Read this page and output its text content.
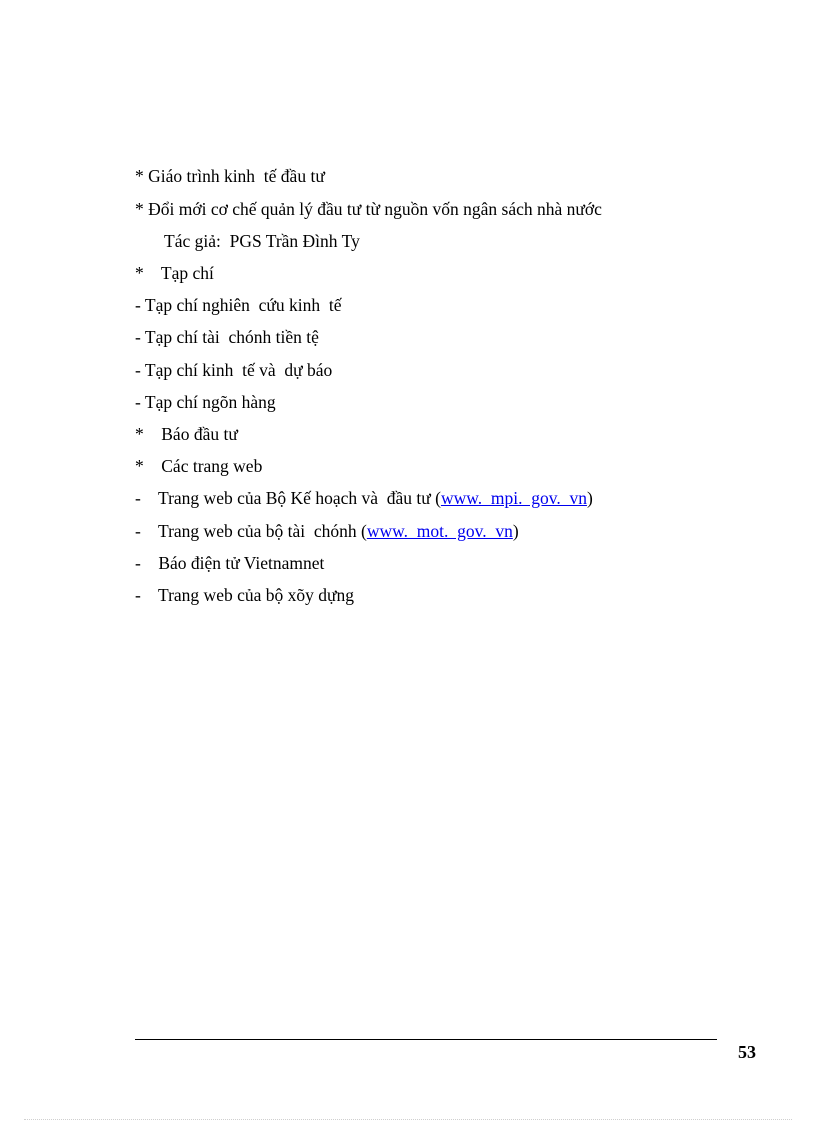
* Giáo trình kinh  tế đầu tư
* Đổi mới cơ chế quản lý đầu tư từ nguồn vốn ngân sách nhà nước
Tác giả:  PGS Trần Đình Ty
*    Tạp chí
- Tạp chí nghiên  cứu kinh  tế
- Tạp chí tài  chónh tiền tệ
- Tạp chí kinh  tế và  dự báo
- Tạp chí ngõn hàng
*    Báo đầu tư
*    Các trang web
-    Trang web của Bộ Kế hoạch và  đầu tư (www.  mpi.  gov.  vn)
-    Trang web của bộ tài  chónh (www.  mot.  gov.  vn)
-    Báo điện tử Vietnamnet
-    Trang web của bộ xõy dựng
53
